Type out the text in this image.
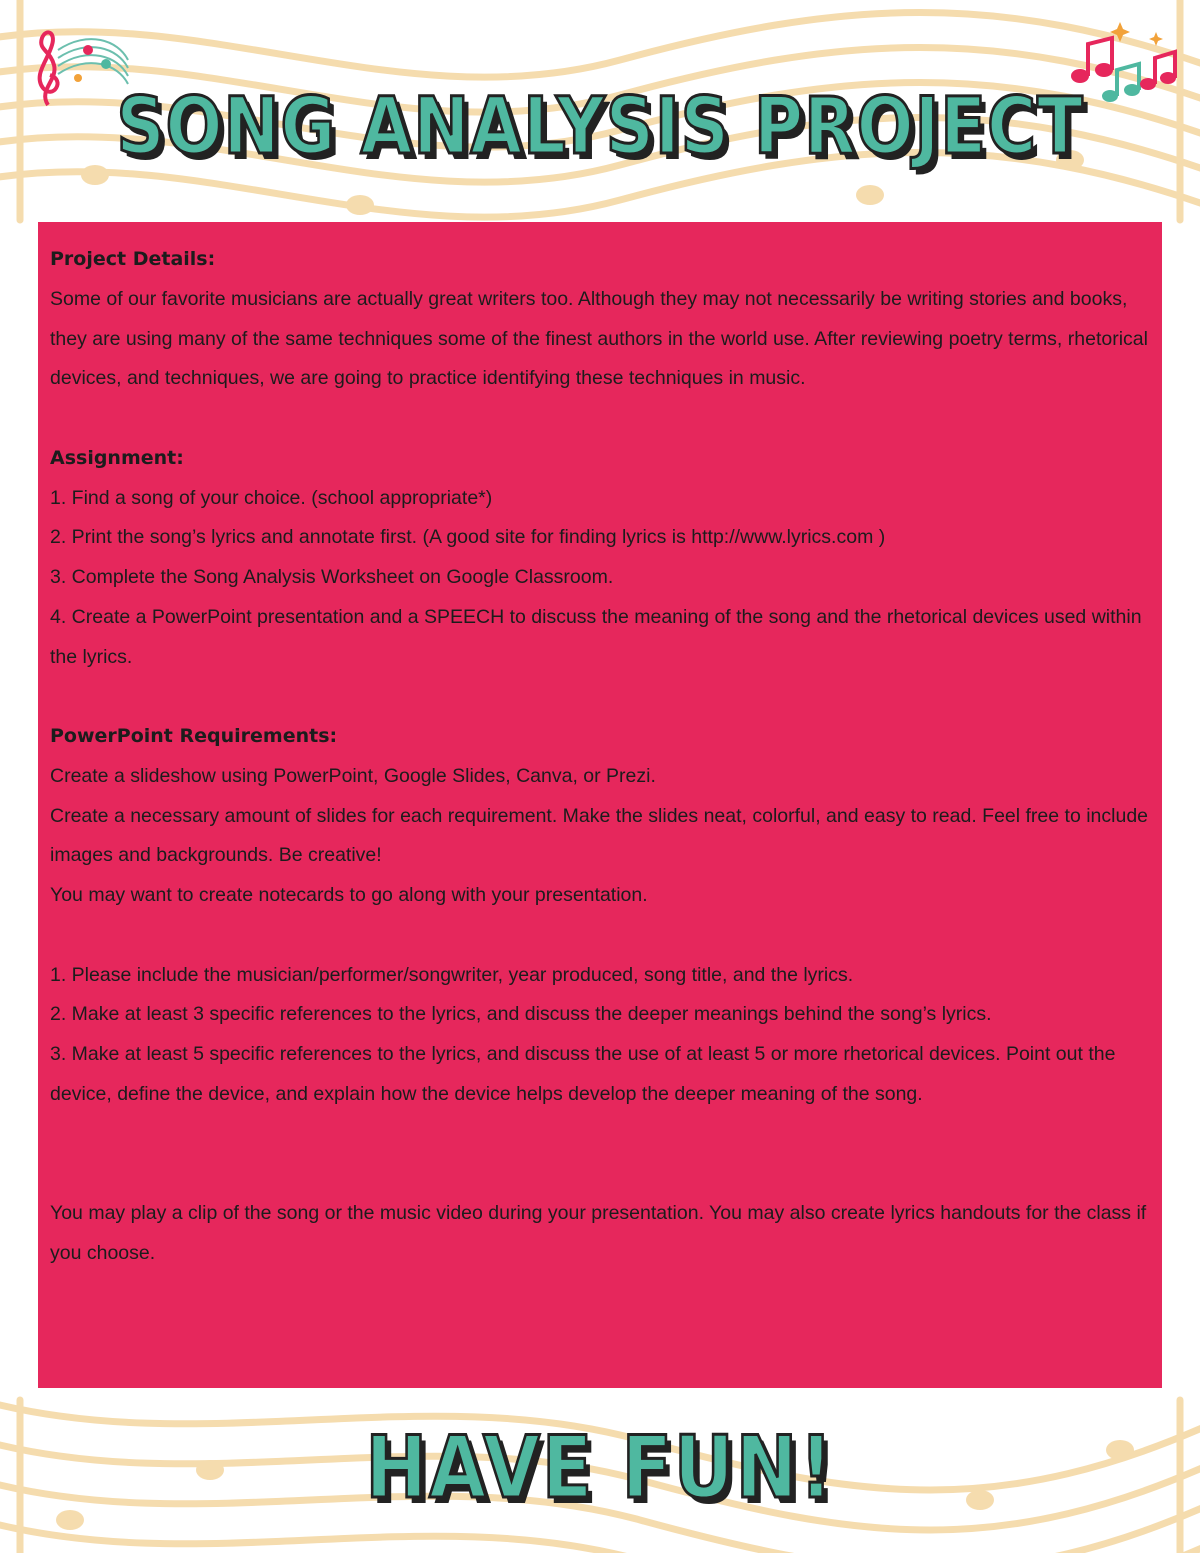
SONG ANALYSIS PROJECT

Project Details:

Some of our favorite musicians are actually great writers too. Although they may not necessarily be writing stories and books, they are using many of the same techniques some of the finest authors in the world use. After reviewing poetry terms, rhetorical devices, and techniques, we are going to practice identifying these techniques in music.

Assignment:

1. Find a song of your choice. (school appropriate*)

2. Print the song’s lyrics and annotate first. (A good site for finding lyrics is http://www.lyrics.com )

3. Complete the Song Analysis Worksheet on Google Classroom.

4. Create a PowerPoint presentation and a SPEECH to discuss the meaning of the song and the rhetorical devices used within the lyrics.

PowerPoint Requirements:

Create a slideshow using PowerPoint, Google Slides, Canva, or Prezi.

Create a necessary amount of slides for each requirement. Make the slides neat, colorful, and easy to read. Feel free to include images and backgrounds. Be creative!

You may want to create notecards to go along with your presentation.

1. Please include the musician/performer/songwriter, year produced, song title, and the lyrics.

2. Make at least 3 specific references to the lyrics, and discuss the deeper meanings behind the song’s lyrics.

3. Make at least 5 specific references to the lyrics, and discuss the use of at least 5 or more rhetorical devices. Point out the device, define the device, and explain how the device helps develop the deeper meaning of the song.

You may play a clip of the song or the music video during your presentation. You may also create lyrics handouts for the class if you choose.

HAVE FUN!
